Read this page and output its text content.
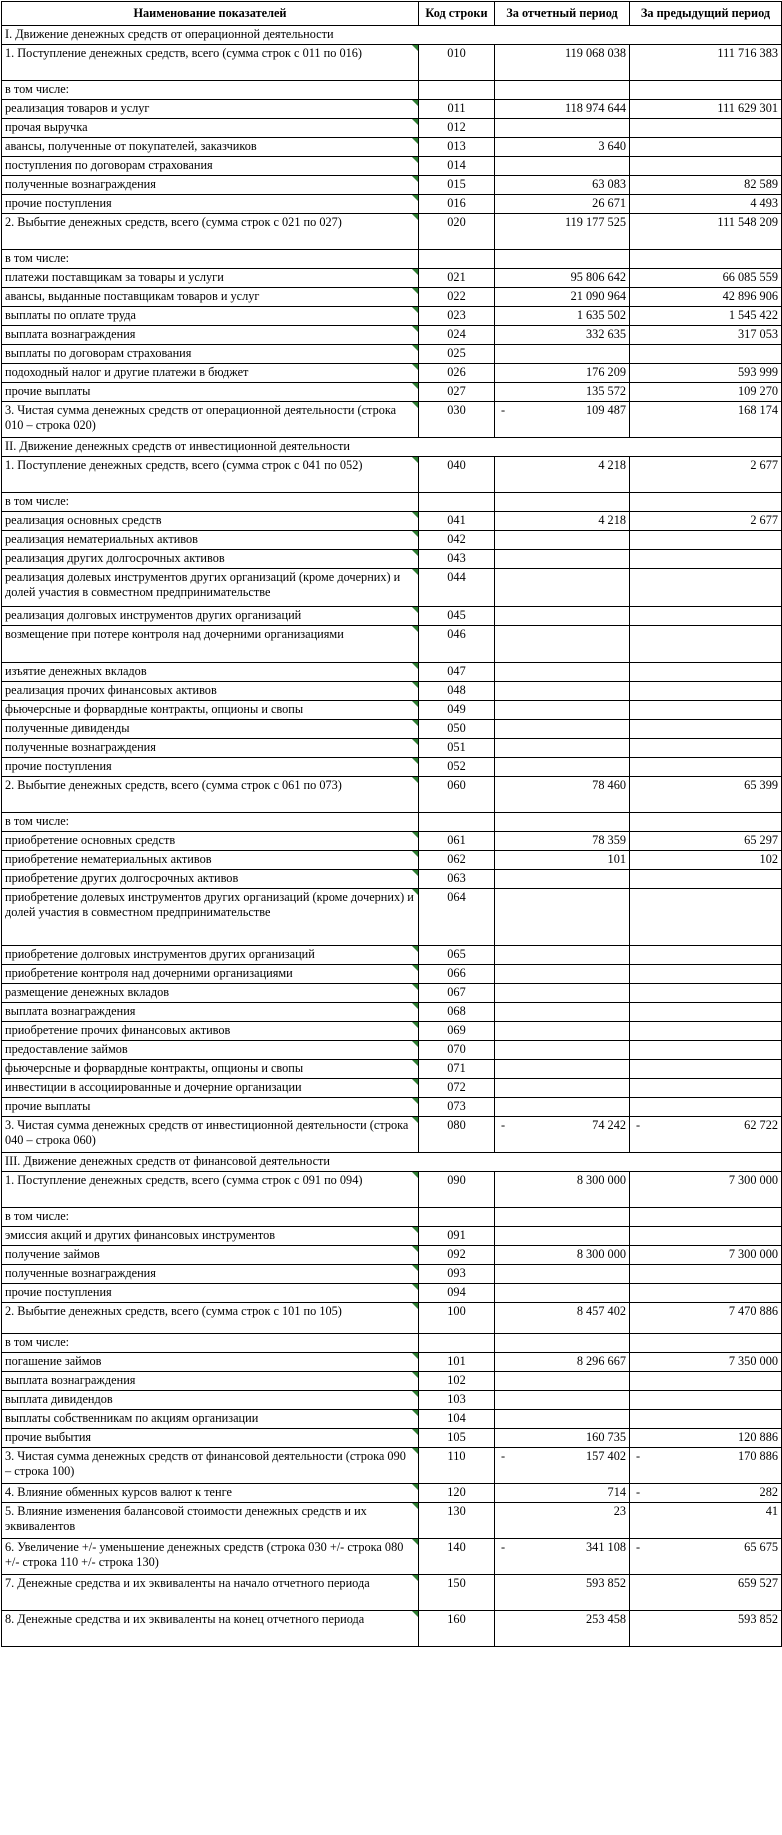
Наименование показателей	Код строки	За отчетный период	За предыдущий период
I. Движение денежных средств от операционной деятельности			
1. Поступление денежных средств, всего (сумма строк с 011 по 016)	010	119 068 038	111 716 383
в том числе:			
реализация товаров и услуг	011	118 974 644	111 629 301
прочая выручка	012		
авансы, полученные от покупателей, заказчиков	013	3 640	
поступления по договорам страхования	014		
полученные вознаграждения	015	63 083	82 589
прочие поступления	016	26 671	4 493
2. Выбытие денежных средств, всего (сумма строк с 021 по 027)	020	119 177 525	111 548 209
в том числе:			
платежи поставщикам за товары и услуги	021	95 806 642	66 085 559
авансы, выданные поставщикам товаров и услуг	022	21 090 964	42 896 906
выплаты по оплате труда	023	1 635 502	1 545 422
выплата вознаграждения	024	332 635	317 053
выплаты по договорам страхования	025		
подоходный налог и другие платежи в бюджет	026	176 209	593 999
прочие выплаты	027	135 572	109 270
3. Чистая сумма денежных средств от операционной деятельности (строка 010 – строка 020)	030	- 109 487	168 174
II. Движение денежных средств от инвестиционной деятельности			
1. Поступление денежных средств, всего (сумма строк с 041 по 052)	040	4 218	2 677
в том числе:			
реализация основных средств	041	4 218	2 677
реализация нематериальных активов	042		
реализация других долгосрочных активов	043		
реализация долевых инструментов других организаций (кроме дочерних) и долей участия в совместном предпринимательстве	044		
реализация долговых инструментов других организаций	045		
возмещение при потере контроля над дочерними организациями	046		
изъятие денежных вкладов	047		
реализация прочих финансовых активов	048		
фьючерсные и форвардные контракты, опционы и свопы	049		
полученные дивиденды	050		
полученные вознаграждения	051		
прочие поступления	052		
2. Выбытие денежных средств, всего (сумма строк с 061 по 073)	060	78 460	65 399
в том числе:			
приобретение основных средств	061	78 359	65 297
приобретение нематериальных активов	062	101	102
приобретение других долгосрочных активов	063		
приобретение долевых инструментов других организаций (кроме дочерних) и долей участия в совместном предпринимательстве	064		
приобретение долговых инструментов других организаций	065		
приобретение контроля над дочерними организациями	066		
размещение денежных вкладов	067		
выплата вознаграждения	068		
приобретение прочих финансовых активов	069		
предоставление займов	070		
фьючерсные и форвардные контракты, опционы и свопы	071		
инвестиции в ассоциированные и дочерние организации	072		
прочие выплаты	073		
3. Чистая сумма денежных средств от инвестиционной деятельности (строка 040 – строка 060)	080	- 74 242	- 62 722
III. Движение денежных средств от финансовой деятельности			
1. Поступление денежных средств, всего (сумма строк с 091 по 094)	090	8 300 000	7 300 000
в том числе:			
эмиссия акций и других финансовых инструментов	091		
получение займов	092	8 300 000	7 300 000
полученные вознаграждения	093		
прочие поступления	094		
2. Выбытие денежных средств, всего (сумма строк с 101 по 105)	100	8 457 402	7 470 886
в том числе:			
погашение займов	101	8 296 667	7 350 000
выплата вознаграждения	102		
выплата дивидендов	103		
выплаты собственникам по акциям организации	104		
прочие выбытия	105	160 735	120 886
3. Чистая сумма денежных средств от финансовой деятельности (строка 090 – строка 100)	110	- 157 402	- 170 886
4. Влияние обменных курсов валют к тенге	120	714	- 282
5. Влияние изменения балансовой стоимости денежных средств и их эквивалентов	130	23	41
6. Увеличение +/- уменьшение денежных средств (строка 030 +/- строка 080 +/- строка 110 +/- строка 130)	140	- 341 108	- 65 675
7. Денежные средства и их эквиваленты на начало отчетного периода	150	593 852	659 527
8. Денежные средства и их эквиваленты на конец отчетного периода	160	253 458	593 852
